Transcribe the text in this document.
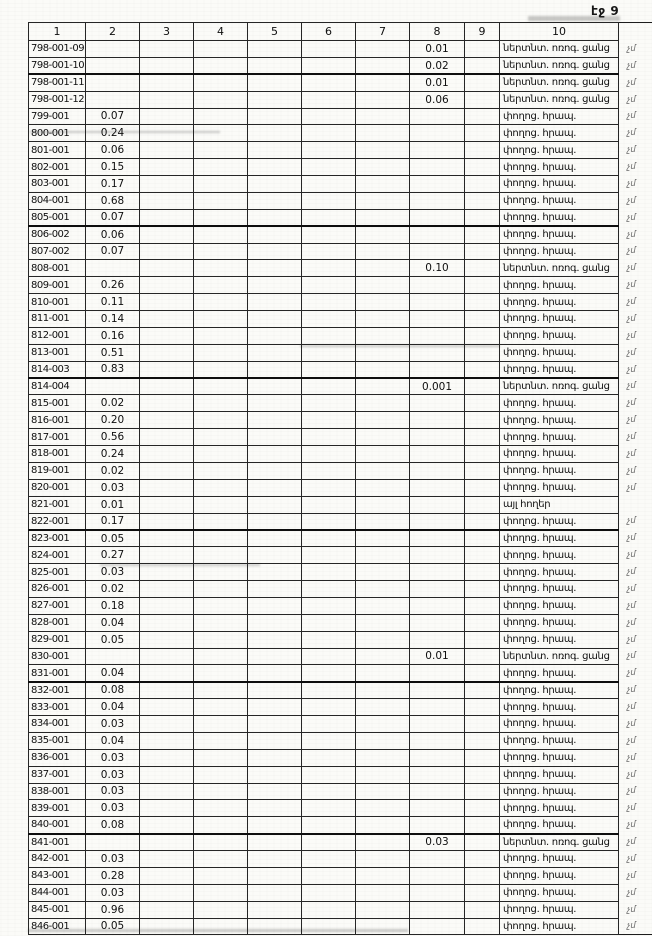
էջ 9
1	2	3	4	5	6	7	8	9	10	
798-001-09							0.01		ներտնտ. ոռոգ. ցանց	չմ
798-001-10							0.02		ներտնտ. ոռոգ. ցանց	չմ
798-001-11							0.01		ներտնտ. ոռոգ. ցանց	չմ
798-001-12							0.06		ներտնտ. ոռոգ. ցանց	չմ
799-001	0.07								փողոց. հրապ.	չմ
800-001	0.24								փողոց. հրապ.	չմ
801-001	0.06								փողոց. հրապ.	չմ
802-001	0.15								փողոց. հրապ.	չմ
803-001	0.17								փողոց. հրապ.	չմ
804-001	0.68								փողոց. հրապ.	չմ
805-001	0.07								փողոց. հրապ.	չմ
806-002	0.06								փողոց. հրապ.	չմ
807-002	0.07								փողոց. հրապ.	չմ
808-001							0.10		ներտնտ. ոռոգ. ցանց	չմ
809-001	0.26								փողոց. հրապ.	չմ
810-001	0.11								փողոց. հրապ.	չմ
811-001	0.14								փողոց. հրապ.	չմ
812-001	0.16								փողոց. հրապ.	չմ
813-001	0.51								փողոց. հրապ.	չմ
814-003	0.83								փողոց. հրապ.	չմ
814-004							0.001		ներտնտ. ոռոգ. ցանց	չմ
815-001	0.02								փողոց. հրապ.	չմ
816-001	0.20								փողոց. հրապ.	չմ
817-001	0.56								փողոց. հրապ.	չմ
818-001	0.24								փողոց. հրապ.	չմ
819-001	0.02								փողոց. հրապ.	չմ
820-001	0.03								փողոց. հրապ.	չմ
821-001	0.01								այլ հողեր	
822-001	0.17								փողոց. հրապ.	չմ
823-001	0.05								փողոց. հրապ.	չմ
824-001	0.27								փողոց. հրապ.	չմ
825-001	0.03								փողոց. հրապ.	չմ
826-001	0.02								փողոց. հրապ.	չմ
827-001	0.18								փողոց. հրապ.	չմ
828-001	0.04								փողոց. հրապ.	չմ
829-001	0.05								փողոց. հրապ.	չմ
830-001							0.01		ներտնտ. ոռոգ. ցանց	չմ
831-001	0.04								փողոց. հրապ.	չմ
832-001	0.08								փողոց. հրապ.	չմ
833-001	0.04								փողոց. հրապ.	չմ
834-001	0.03								փողոց. հրապ.	չմ
835-001	0.04								փողոց. հրապ.	չմ
836-001	0.03								փողոց. հրապ.	չմ
837-001	0.03								փողոց. հրապ.	չմ
838-001	0.03								փողոց. հրապ.	չմ
839-001	0.03								փողոց. հրապ.	չմ
840-001	0.08								փողոց. հրապ.	չմ
841-001							0.03		ներտնտ. ոռոգ. ցանց	չմ
842-001	0.03								փողոց. հրապ.	չմ
843-001	0.28								փողոց. հրապ.	չմ
844-001	0.03								փողոց. հրապ.	չմ
845-001	0.96								փողոց. հրապ.	չմ
846-001	0.05								փողոց. հրապ.	չմ
